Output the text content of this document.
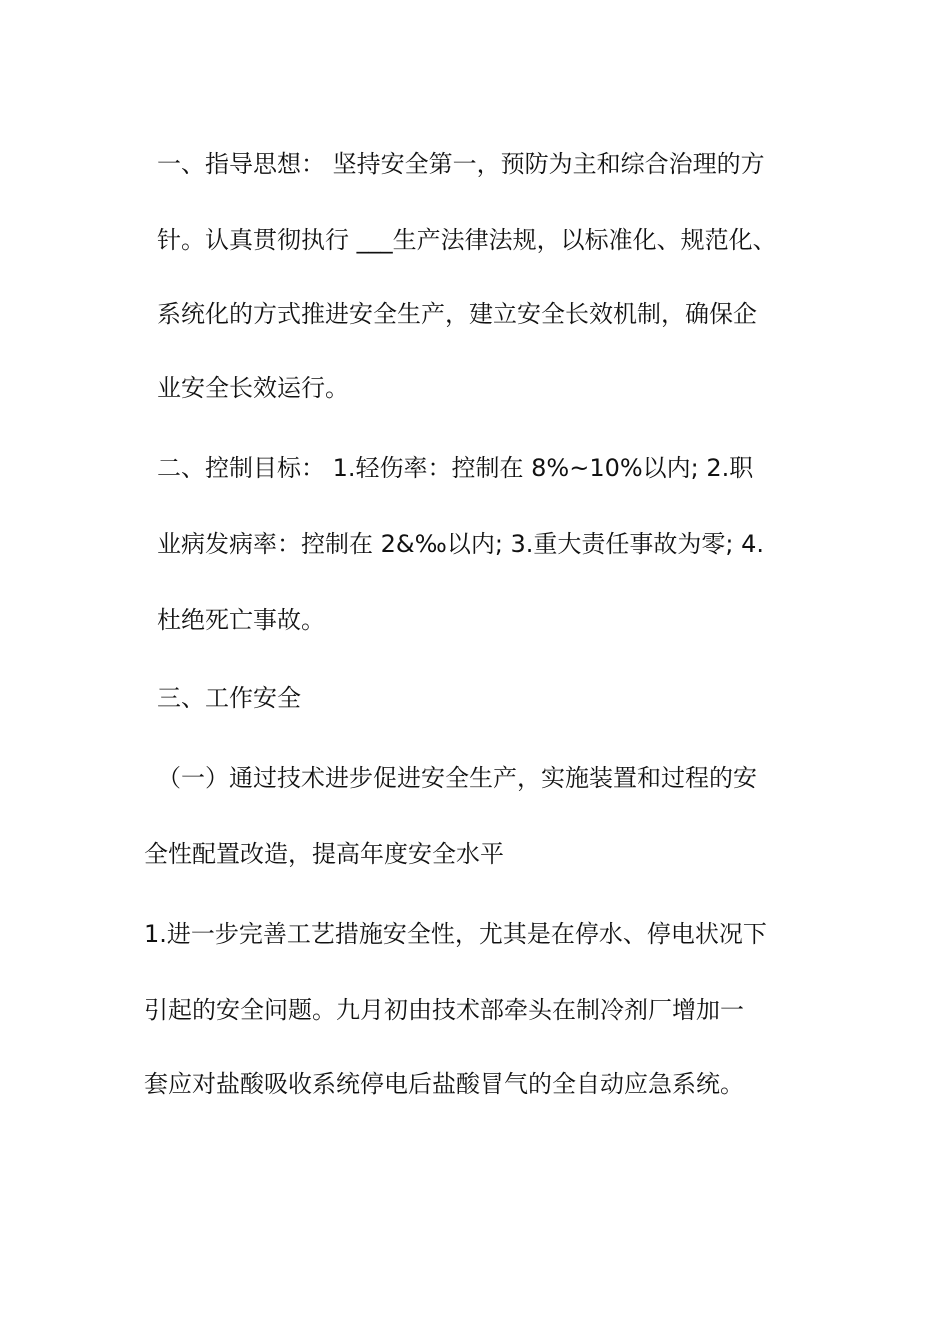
一、指导思想： 坚持安全第一，预防为主和综合治理的方
针。认真贯彻执行 ___生产法律法规，以标准化、规范化、
系统化的方式推进安全生产，建立安全长效机制，确保企
业安全长效运行。
二、控制目标： 1.轻伤率：控制在 8%~10%以内; 2.职
业病发病率：控制在 2&‰以内; 3.重大责任事故为零; 4.
杜绝死亡事故。
三、工作安全
（一）通过技术进步促进安全生产，实施装置和过程的安
全性配置改造，提高年度安全水平
1.进一步完善工艺措施安全性，尤其是在停水、停电状况下
引起的安全问题。九月初由技术部牵头在制冷剂厂增加一
套应对盐酸吸收系统停电后盐酸冒气的全自动应急系统。
